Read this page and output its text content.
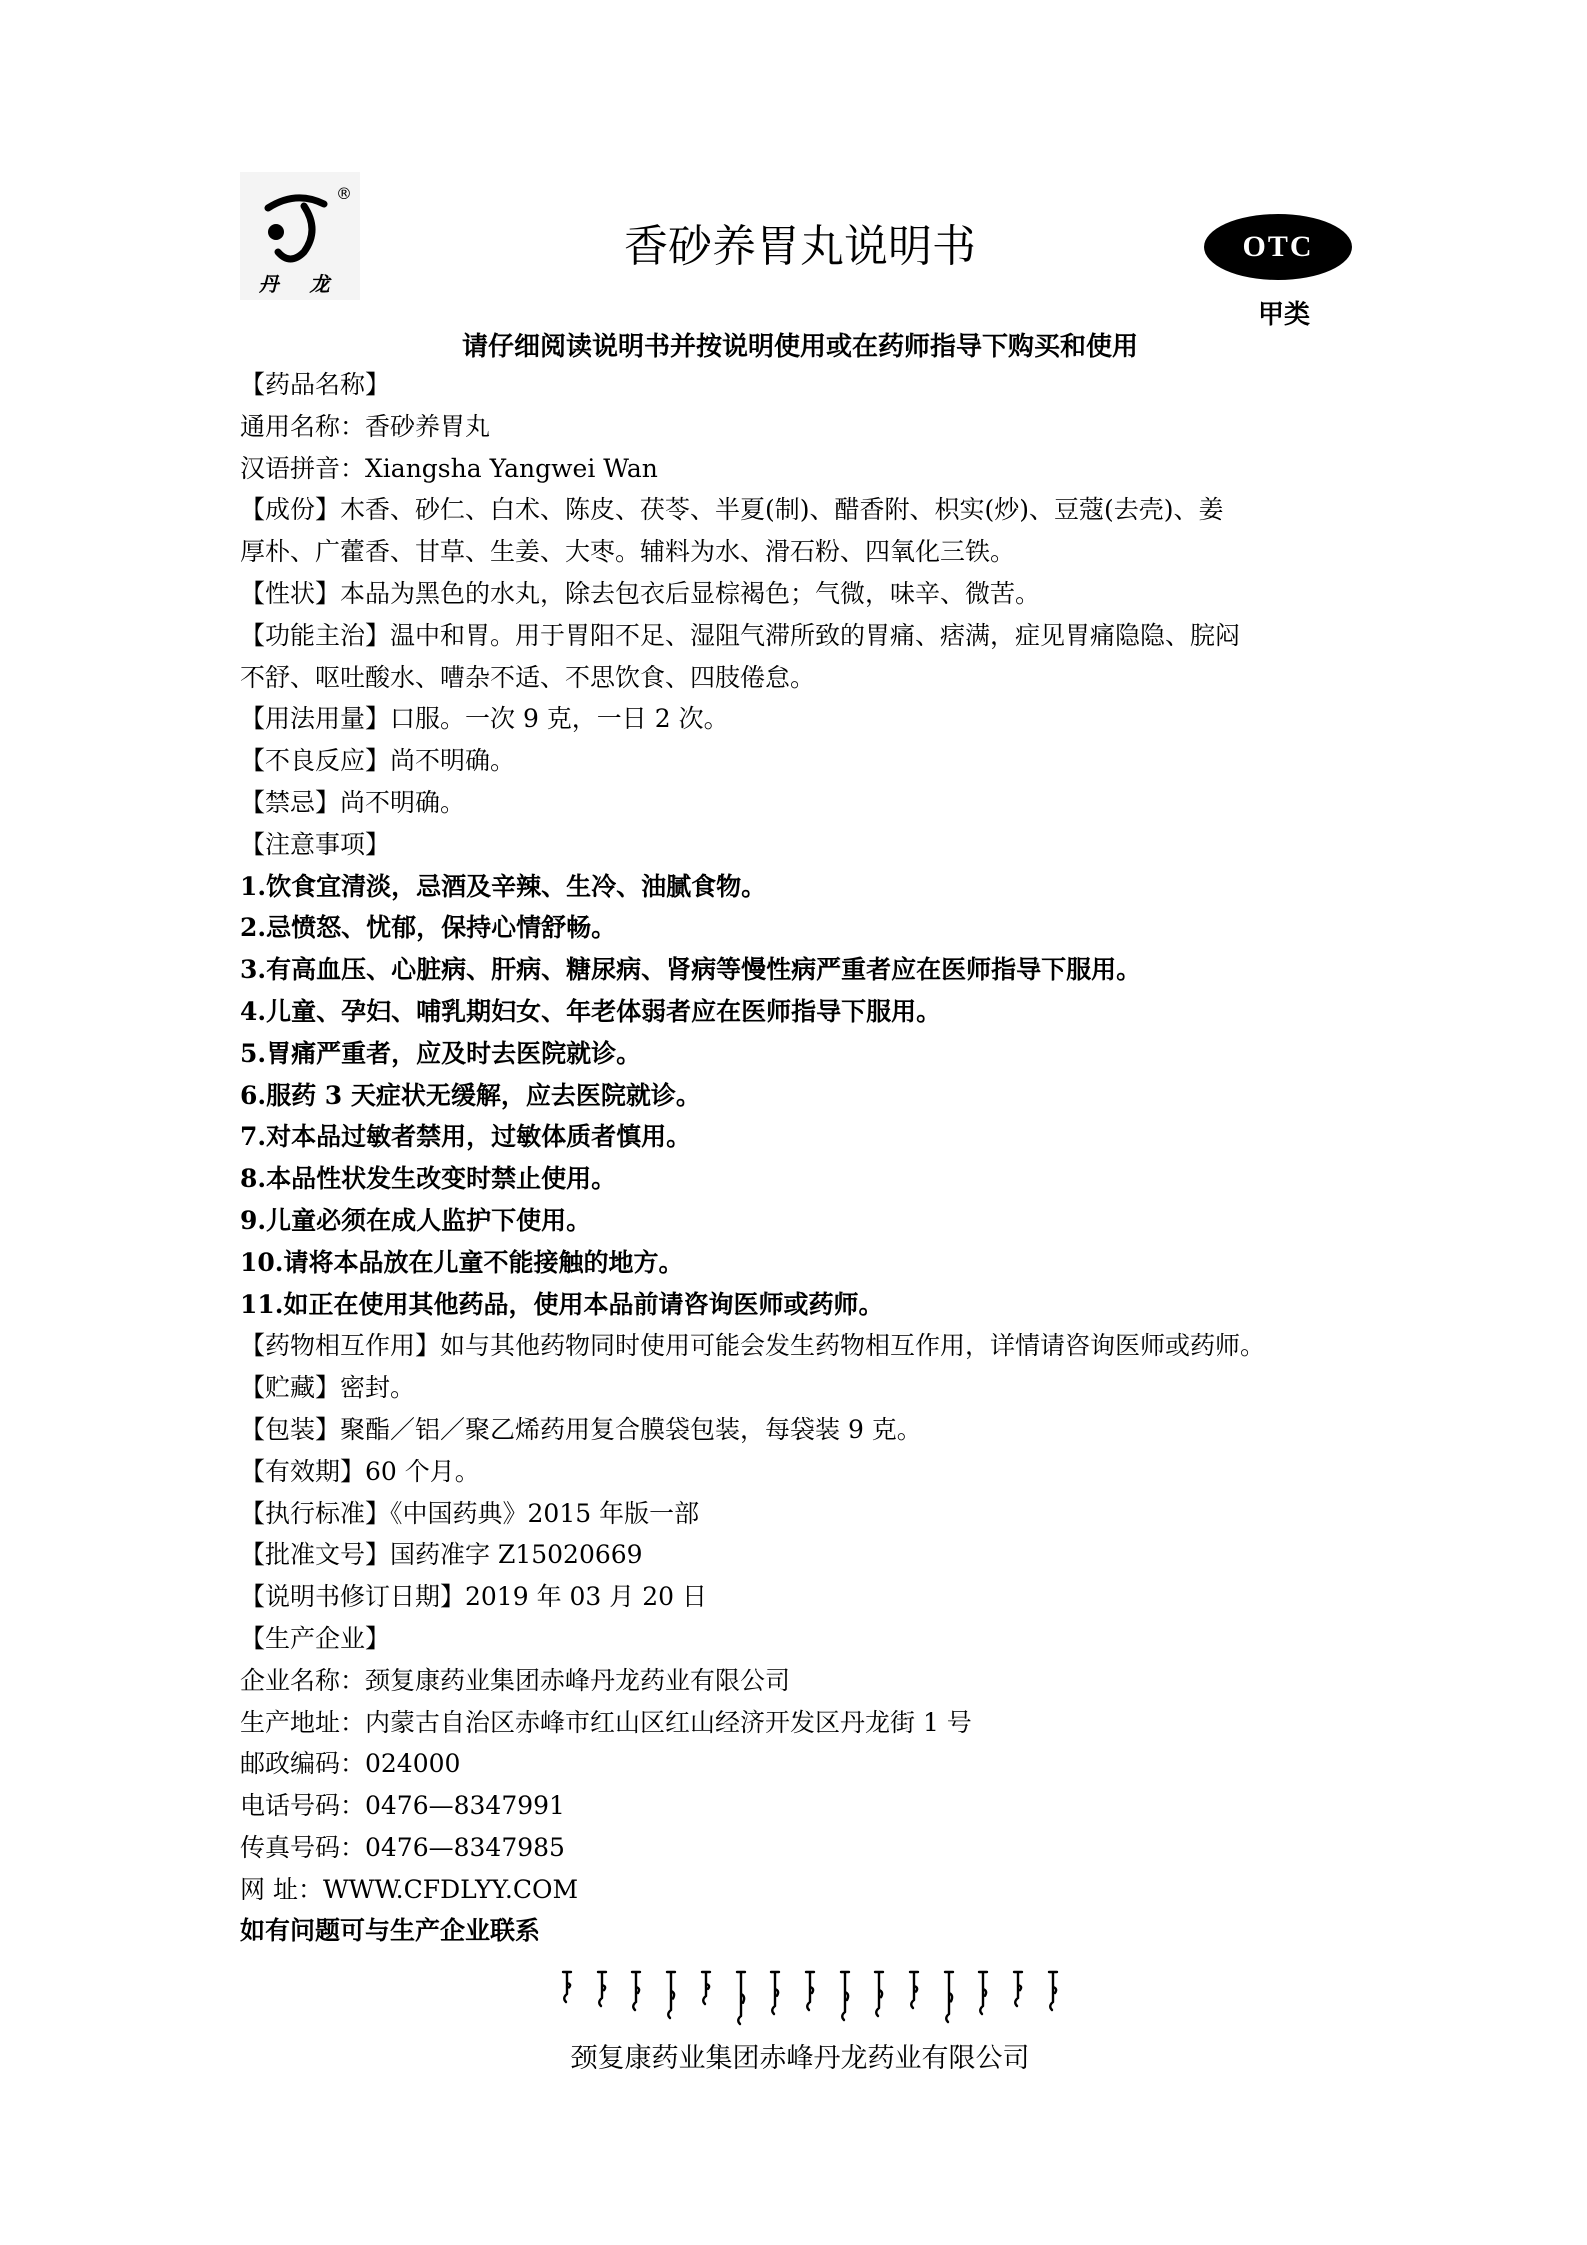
®
丹 龙
香砂养胃丸说明书	OTC
甲类
请仔细阅读说明书并按说明使用或在药师指导下购买和使用
【药品名称】
通用名称：香砂养胃丸
汉语拼音：Xiangsha Yangwei Wan
【成份】木香、砂仁、白术、陈皮、茯苓、半夏(制)、醋香附、枳实(炒)、豆蔻(去壳)、姜
厚朴、广藿香、甘草、生姜、大枣。辅料为水、滑石粉、四氧化三铁。
【性状】本品为黑色的水丸，除去包衣后显棕褐色；气微，味辛、微苦。
【功能主治】温中和胃。用于胃阳不足、湿阻气滞所致的胃痛、痞满，症见胃痛隐隐、脘闷
不舒、呕吐酸水、嘈杂不适、不思饮食、四肢倦怠。
【用法用量】口服。一次 9 克，一日 2 次。
【不良反应】尚不明确。
【禁忌】尚不明确。
【注意事项】
1.饮食宜清淡，忌酒及辛辣、生冷、油腻食物。
2.忌愤怒、忧郁，保持心情舒畅。
3.有高血压、心脏病、肝病、糖尿病、肾病等慢性病严重者应在医师指导下服用。
4.儿童、孕妇、哺乳期妇女、年老体弱者应在医师指导下服用。
5.胃痛严重者，应及时去医院就诊。
6.服药 3 天症状无缓解，应去医院就诊。
7.对本品过敏者禁用，过敏体质者慎用。
8.本品性状发生改变时禁止使用。
9.儿童必须在成人监护下使用。
10.请将本品放在儿童不能接触的地方。
11.如正在使用其他药品，使用本品前请咨询医师或药师。
【药物相互作用】如与其他药物同时使用可能会发生药物相互作用，详情请咨询医师或药师。
【贮藏】密封。
【包装】聚酯／铝／聚乙烯药用复合膜袋包装，每袋装 9 克。
【有效期】60 个月。
【执行标准】《中国药典》2015 年版一部
【批准文号】国药准字 Z15020669
【说明书修订日期】2019 年 03 月 20 日
【生产企业】
企业名称：颈复康药业集团赤峰丹龙药业有限公司
生产地址：内蒙古自治区赤峰市红山区红山经济开发区丹龙街 1 号
邮政编码：024000
电话号码：0476—8347991
传真号码：0476—8347985
网 址：WWW.CFDLYY.COM
如有问题可与生产企业联系
颈复康药业集团赤峰丹龙药业有限公司
